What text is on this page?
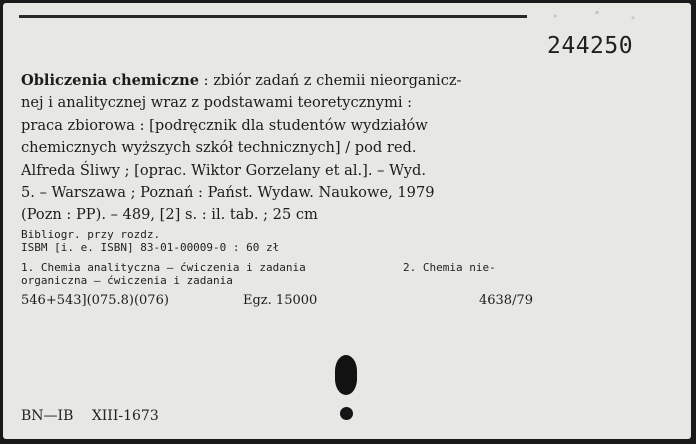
244250
Obliczenia chemiczne : zbiór zadań z chemii nieorganicz-
nej i analitycznej wraz z podstawami teoretycznymi :
praca zbiorowa : [podręcznik dla studentów wydziałów
chemicznych wyższych szkół technicznych] / pod red.
Alfreda Śliwy ; [oprac. Wiktor Gorzelany et al.]. – Wyd.
5. – Warszawa ; Poznań : Państ. Wydaw. Naukowe, 1979
(Pozn : PP). – 489, [2] s. : il. tab. ; 25 cm
Bibliogr. przy rozdz.
ISBM [i. e. ISBN] 83-01-00009-0 : 60 zł
1. Chemia analityczna — ćwiczenia i zadania	2. Chemia nie-
organiczna — ćwiczenia i zadania
546+543](075.8)(076)	Egz. 15000	4638/79
BN—IB XIII-1673
